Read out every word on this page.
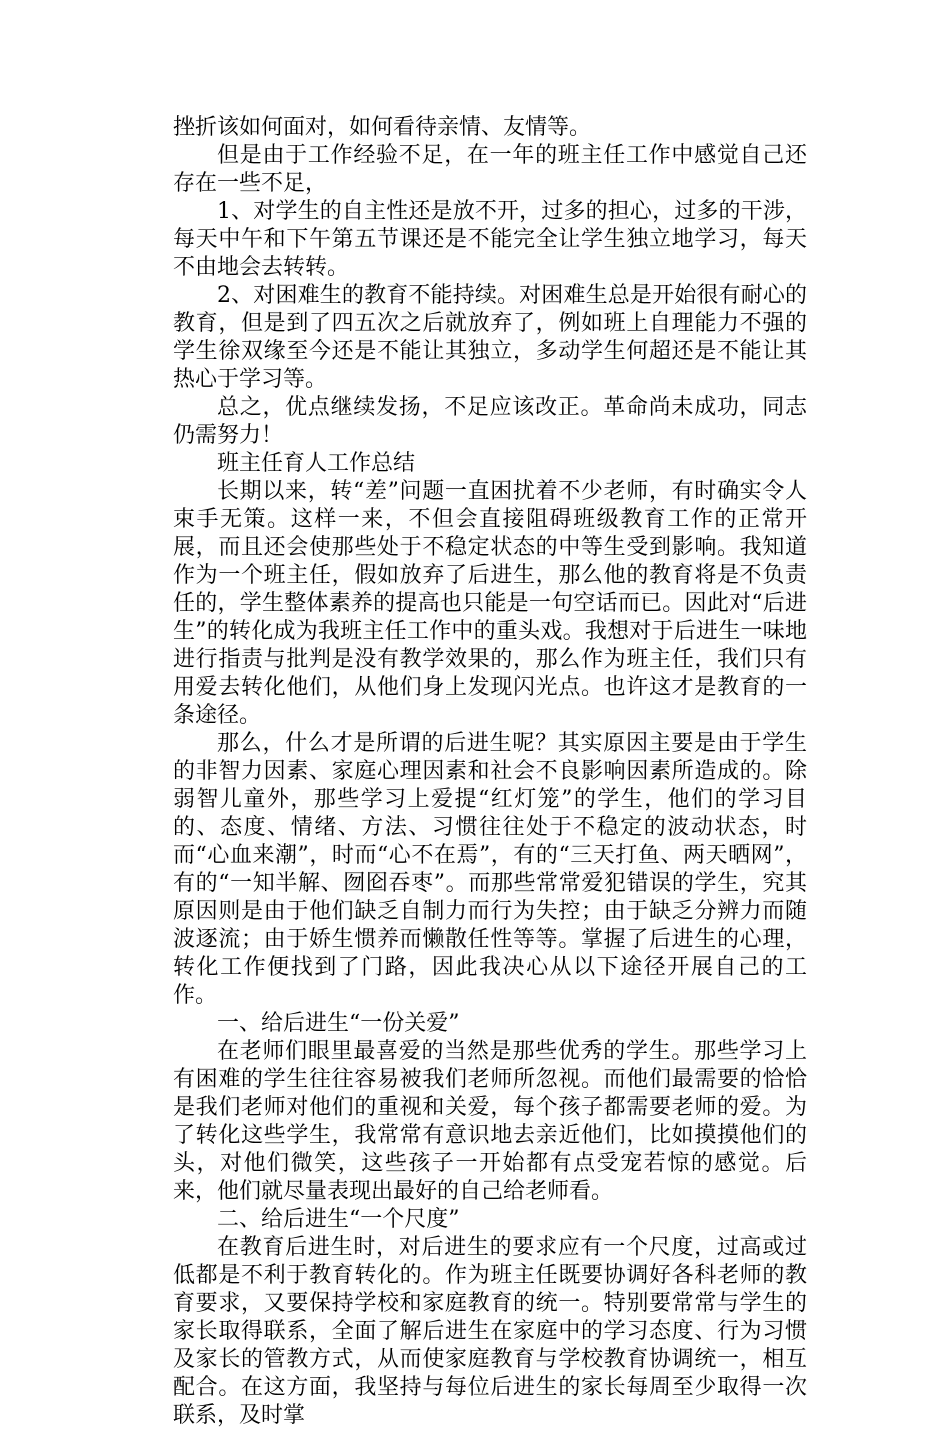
挫折该如何面对，如何看待亲情、友情等。

但是由于工作经验不足，在一年的班主任工作中感觉自己还存在一些不足，

1、对学生的自主性还是放不开，过多的担心，过多的干涉，每天中午和下午第五节课还是不能完全让学生独立地学习，每天不由地会去转转。

2、对困难生的教育不能持续。对困难生总是开始很有耐心的教育，但是到了四五次之后就放弃了，例如班上自理能力不强的学生徐双缘至今还是不能让其独立，多动学生何超还是不能让其热心于学习等。

总之，优点继续发扬，不足应该改正。革命尚未成功，同志仍需努力！

班主任育人工作总结

长期以来，转“差”问题一直困扰着不少老师，有时确实令人束手无策。这样一来，不但会直接阻碍班级教育工作的正常开展，而且还会使那些处于不稳定状态的中等生受到影响。我知道作为一个班主任，假如放弃了后进生，那么他的教育将是不负责任的，学生整体素养的提高也只能是一句空话而已。因此对“后进生”的转化成为我班主任工作中的重头戏。我想对于后进生一味地进行指责与批判是没有教学效果的，那么作为班主任，我们只有用爱去转化他们，从他们身上发现闪光点。也许这才是教育的一条途径。

那么，什么才是所谓的后进生呢？其实原因主要是由于学生的非智力因素、家庭心理因素和社会不良影响因素所造成的。除弱智儿童外，那些学习上爱提“红灯笼”的学生，他们的学习目的、态度、情绪、方法、习惯往往处于不稳定的波动状态，时而“心血来潮”，时而“心不在焉”，有的“三天打鱼、两天晒网”，有的“一知半解、囫囵吞枣”。而那些常常爱犯错误的学生，究其原因则是由于他们缺乏自制力而行为失控；由于缺乏分辨力而随波逐流；由于娇生惯养而懒散任性等等。掌握了后进生的心理，转化工作便找到了门路，因此我决心从以下途径开展自己的工作。

一、给后进生“一份关爱”

在老师们眼里最喜爱的当然是那些优秀的学生。那些学习上有困难的学生往往容易被我们老师所忽视。而他们最需要的恰恰是我们老师对他们的重视和关爱，每个孩子都需要老师的爱。为了转化这些学生，我常常有意识地去亲近他们，比如摸摸他们的头，对他们微笑，这些孩子一开始都有点受宠若惊的感觉。后来，他们就尽量表现出最好的自己给老师看。

二、给后进生“一个尺度”

在教育后进生时，对后进生的要求应有一个尺度，过高或过低都是不利于教育转化的。作为班主任既要协调好各科老师的教育要求，又要保持学校和家庭教育的统一。特别要常常与学生的家长取得联系，全面了解后进生在家庭中的学习态度、行为习惯及家长的管教方式，从而使家庭教育与学校教育协调统一，相互配合。在这方面，我坚持与每位后进生的家长每周至少取得一次联系，及时掌
